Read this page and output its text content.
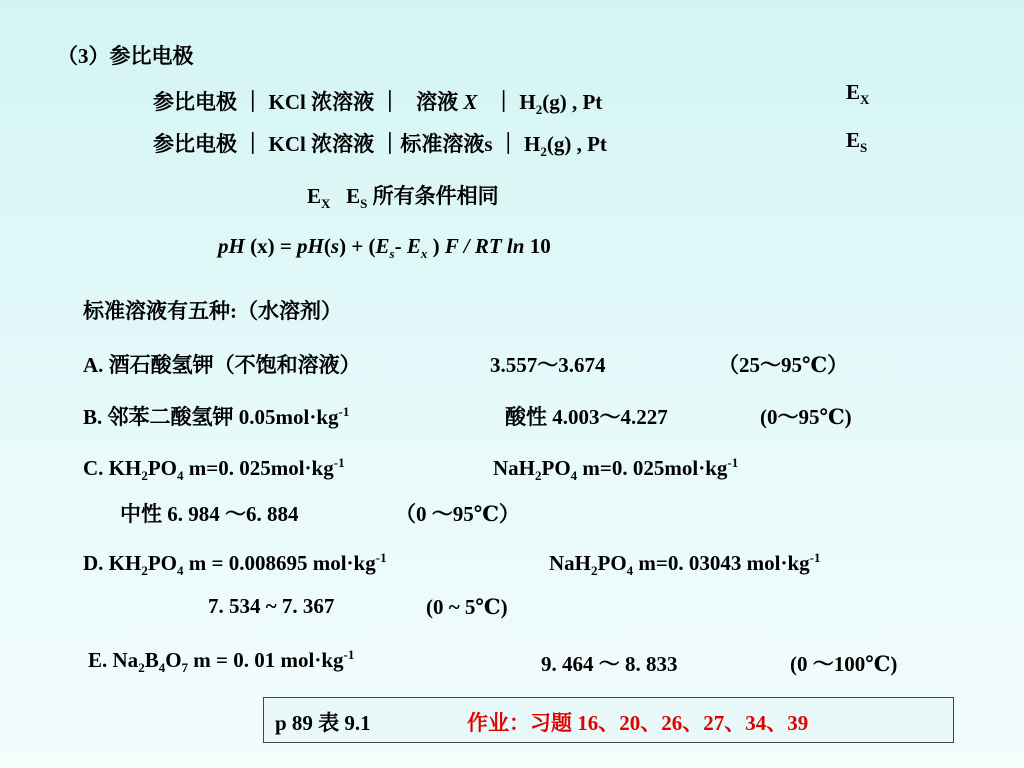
（3）参比电极
参比电极 ｜ KCl 浓溶液 ｜ 溶液 X ｜ $H_2(g)$ , Pt	$E_X$
参比电极 ｜ KCl 浓溶液 ｜标准溶液s ｜ $H_2(g)$ , Pt	$E_S$
$E_X$ $E_S$ 所有条件相同
pH $(x) = pH(s) + (E_s-$ $E_x$ ) F / RT ln 10
标准溶液有五种:（水溶剂）
A. 酒石酸氢钾（不饱和溶液）	3.557～3.674	（25～95℃）
B. 邻苯二酸氢钾 $0.05mol\cdot kg^{-1}$	酸性 4.003～4.227	(0～95℃)
C. $KH_2PO_4$ m=0. $025mol\cdot kg^{-1}$	$NaH_2PO_4$ m=0. $025mol\cdot kg^{-1}$
中性 6. 984 ～6. 884	（0 ～95℃）
D. $KH_2PO_4$ m = 0.008695 $mol\cdot kg^{-1}$	$NaH_2PO_4$ m=0. 03043 $mol\cdot kg^{-1}$
7. 534 ~ 7. 367	(0 ~ 5℃)
E. $Na_2B_4O_7$ m = 0. 01 $mol\cdot kg^{-1}$	9. 464 ～ 8. 833	(0 ～100℃)
p 89 表 9.1	作业：习题 16、20、26、27、34、39
